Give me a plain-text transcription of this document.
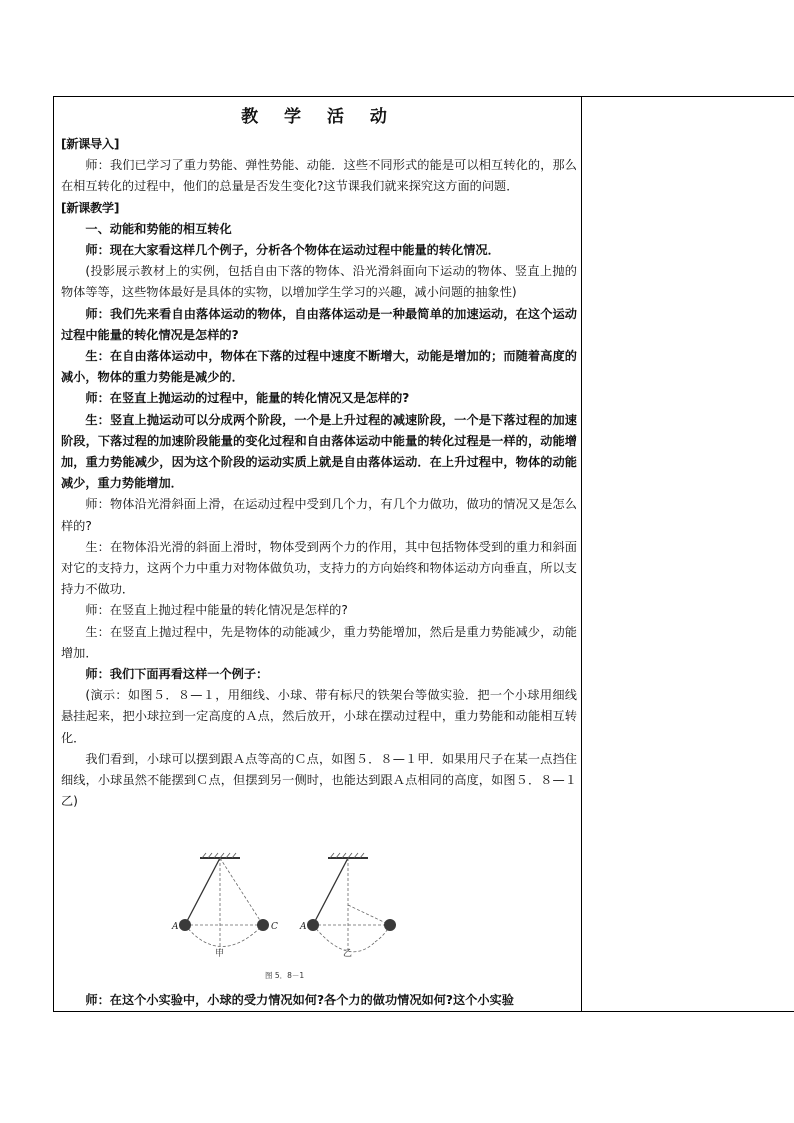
教 学 活 动

[新课导入]

师：我们已学习了重力势能、弹性势能、动能．这些不同形式的能是可以相互转化的，那么在相互转化的过程中，他们的总量是否发生变化?这节课我们就来探究这方面的问题．

[新课教学]

一、动能和势能的相互转化

师：现在大家看这样几个例子，分析各个物体在运动过程中能量的转化情况．

(投影展示教材上的实例，包括自由下落的物体、沿光滑斜面向下运动的物体、竖直上抛的物体等等，这些物体最好是具体的实物，以增加学生学习的兴趣，减小问题的抽象性)

师：我们先来看自由落体运动的物体，自由落体运动是一种最简单的加速运动，在这个运动过程中能量的转化情况是怎样的?

生：在自由落体运动中，物体在下落的过程中速度不断增大，动能是增加的；而随着高度的减小，物体的重力势能是减少的．

师：在竖直上抛运动的过程中，能量的转化情况又是怎样的?

生：竖直上抛运动可以分成两个阶段，一个是上升过程的减速阶段，一个是下落过程的加速阶段，下落过程的加速阶段能量的变化过程和自由落体运动中能量的转化过程是一样的，动能增加，重力势能减少，因为这个阶段的运动实质上就是自由落体运动．在上升过程中，物体的动能减少，重力势能增加．

师：物体沿光滑斜面上滑，在运动过程中受到几个力，有几个力做功，做功的情况又是怎么样的?

生：在物体沿光滑的斜面上滑时，物体受到两个力的作用，其中包括物体受到的重力和斜面对它的支持力，这两个力中重力对物体做负功，支持力的方向始终和物体运动方向垂直，所以支持力不做功．

师：在竖直上抛过程中能量的转化情况是怎样的?

生：在竖直上抛过程中，先是物体的动能减少，重力势能增加，然后是重力势能减少，动能增加．

师：我们下面再看这样一个例子：

(演示：如图５．８—１，用细线、小球、带有标尺的铁架台等做实验．把一个小球用细线悬挂起来，把小球拉到一定高度的Ａ点，然后放开，小球在摆动过程中，重力势能和动能相互转化．

我们看到，小球可以摆到跟Ａ点等高的Ｃ点，如图５．８—１甲．如果用尺子在某一点挡住细线，小球虽然不能摆到Ｃ点，但摆到另一侧时，也能达到跟Ａ点相同的高度，如图５．８—１乙)

A	C
甲
A
乙
图 5．8－1

师：在这个小实验中，小球的受力情况如何?各个力的做功情况如何?这个小实验
